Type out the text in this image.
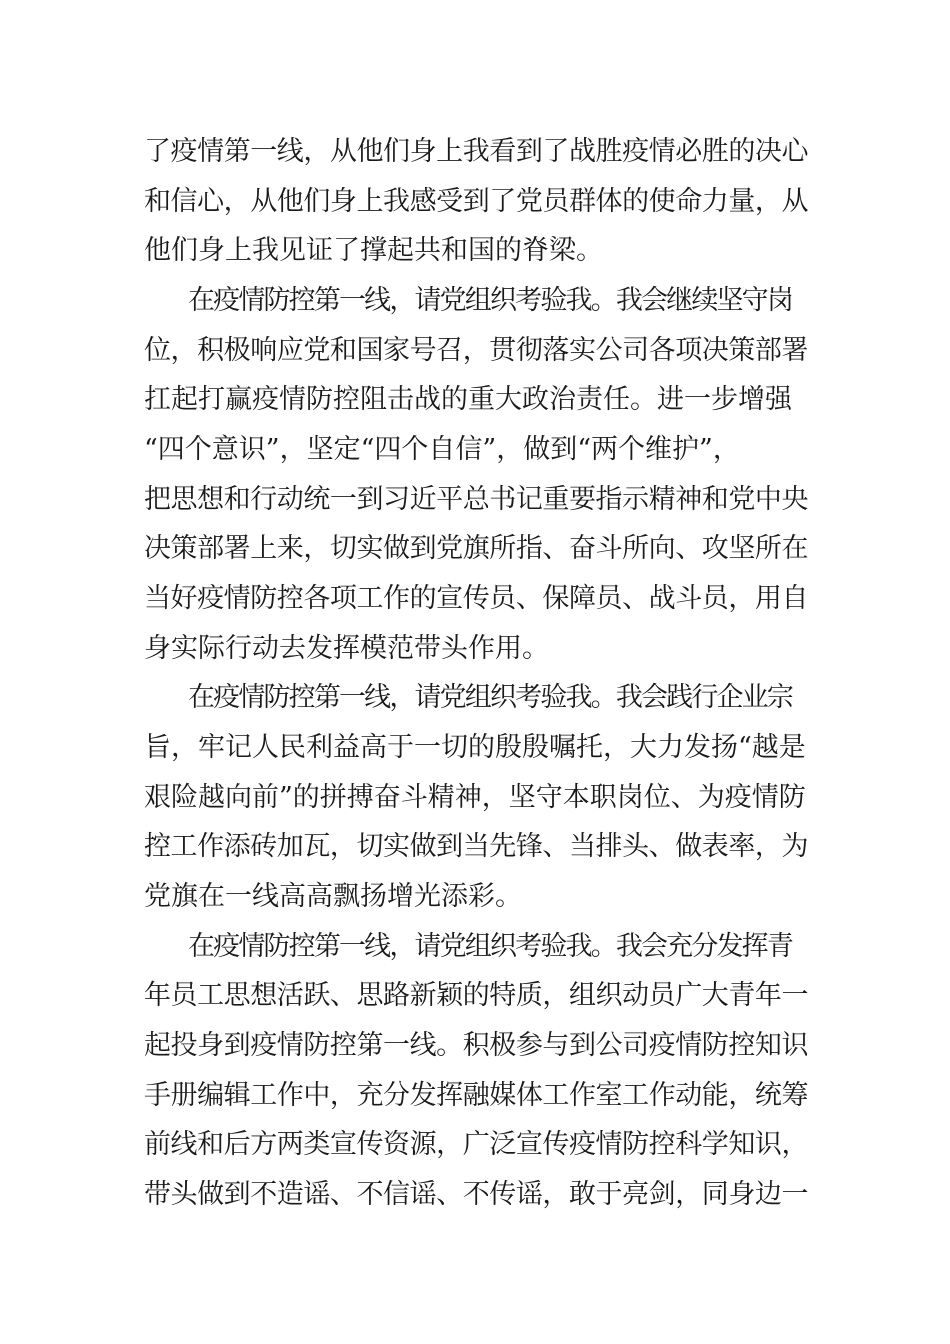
了疫情第一线，从他们身上我看到了战胜疫情必胜的决心
和信心，从他们身上我感受到了党员群体的使命力量，从
他们身上我见证了撑起共和国的脊梁。
在疫情防控第一线，请党组织考验我。我会继续坚守岗
位，积极响应党和国家号召，贯彻落实公司各项决策部署
扛起打赢疫情防控阻击战的重大政治责任。进一步增强
“四个意识”，坚定“四个自信”，做到“两个维护”，
把思想和行动统一到习近平总书记重要指示精神和党中央
决策部署上来，切实做到党旗所指、奋斗所向、攻坚所在
当好疫情防控各项工作的宣传员、保障员、战斗员，用自
身实际行动去发挥模范带头作用。
在疫情防控第一线，请党组织考验我。我会践行企业宗
旨，牢记人民利益高于一切的殷殷嘱托，大力发扬“越是
艰险越向前”的拼搏奋斗精神，坚守本职岗位、为疫情防
控工作添砖加瓦，切实做到当先锋、当排头、做表率，为
党旗在一线高高飘扬增光添彩。
在疫情防控第一线，请党组织考验我。我会充分发挥青
年员工思想活跃、思路新颖的特质，组织动员广大青年一
起投身到疫情防控第一线。积极参与到公司疫情防控知识
手册编辑工作中，充分发挥融媒体工作室工作动能，统筹
前线和后方两类宣传资源，广泛宣传疫情防控科学知识，
带头做到不造谣、不信谣、不传谣，敢于亮剑，同身边一
